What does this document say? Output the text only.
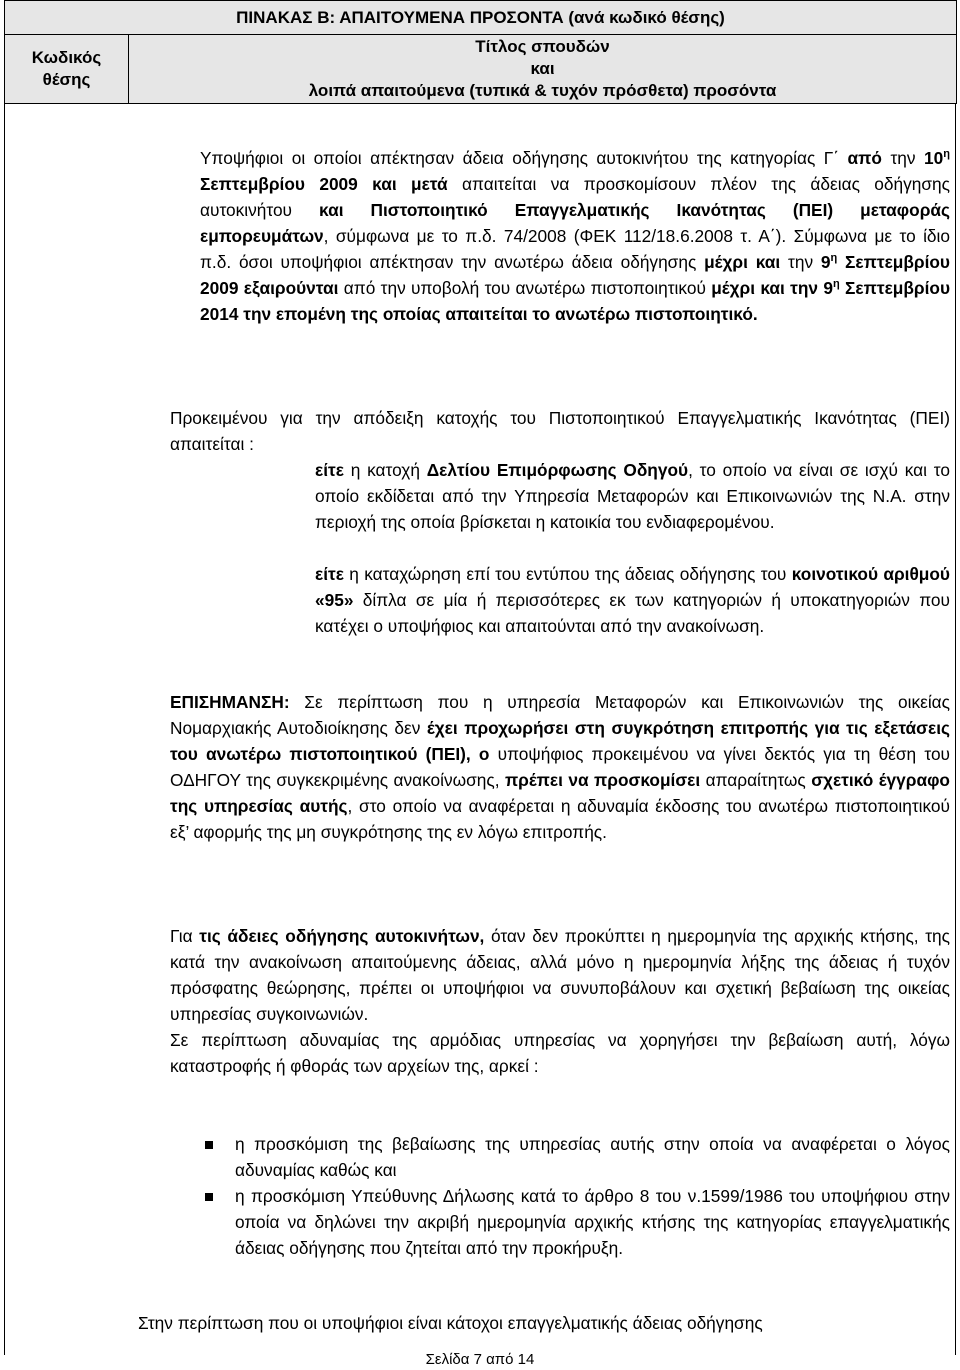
ΠΙΝΑΚΑΣ Β: ΑΠΑΙΤΟΥΜΕΝΑ ΠΡΟΣΟΝΤΑ (ανά κωδικό θέσης)
Κωδικός
θέσης
Τίτλος σπουδών
και
λοιπά απαιτούμενα (τυπικά & τυχόν πρόσθετα) προσόντα
Υποψήφιοι οι οποίοι απέκτησαν άδεια οδήγησης αυτοκινήτου της κατηγορίας Γ΄ από την $10^\eta$ Σεπτεμβρίου 2009 και μετά απαιτείται να προσκομίσουν πλέον της άδειας οδήγησης αυτοκινήτου και Πιστοποιητικό Επαγγελματικής Ικανότητας (ΠΕΙ) μεταφοράς εμπορευμάτων, σύμφωνα με το π.δ. 74/2008 (ΦΕΚ 112/18.6.2008 τ. Α΄). Σύμφωνα με το ίδιο π.δ. όσοι υποψήφιοι απέκτησαν την ανωτέρω άδεια οδήγησης μέχρι και την $9^\eta$ Σεπτεμβρίου 2009 εξαιρούνται από την υποβολή του ανωτέρω πιστοποιητικού μέχρι και την $9^\eta$ Σεπτεμβρίου 2014 την επομένη της οποίας απαιτείται το ανωτέρω πιστοποιητικό.
Προκειμένου για την απόδειξη κατοχής του Πιστοποιητικού Επαγγελματικής Ικανότητας (ΠΕΙ) απαιτείται :
είτε η κατοχή Δελτίου Επιμόρφωσης Οδηγού, το οποίο να είναι σε ισχύ και το οποίο εκδίδεται από την Υπηρεσία Μεταφορών και Επικοινωνιών της Ν.Α. στην περιοχή της οποία βρίσκεται η κατοικία του ενδιαφερομένου.
είτε η καταχώρηση επί του εντύπου της άδειας οδήγησης του κοινοτικού αριθμού «95» δίπλα σε μία ή περισσότερες εκ των κατηγοριών ή υποκατηγοριών που κατέχει ο υποψήφιος και απαιτούνται από την ανακοίνωση.
ΕΠΙΣΗΜΑΝΣΗ: Σε περίπτωση που η υπηρεσία Μεταφορών και Επικοινωνιών της οικείας Νομαρχιακής Αυτοδιοίκησης δεν έχει προχωρήσει στη συγκρότηση επιτροπής για τις εξετάσεις του ανωτέρω πιστοποιητικού (ΠΕΙ), ο υποψήφιος προκειμένου να γίνει δεκτός για τη θέση του ΟΔΗΓΟΥ της συγκεκριμένης ανακοίνωσης, πρέπει να προσκομίσει απαραίτητως σχετικό έγγραφο της υπηρεσίας αυτής, στο οποίο να αναφέρεται η αδυναμία έκδοσης του ανωτέρω πιστοποιητικού εξ’ αφορμής της μη συγκρότησης της εν λόγω επιτροπής.
Για τις άδειες οδήγησης αυτοκινήτων, όταν δεν προκύπτει η ημερομηνία της αρχικής κτήσης, της κατά την ανακοίνωση απαιτούμενης άδειας, αλλά μόνο η ημερομηνία λήξης της άδειας ή τυχόν πρόσφατης θεώρησης, πρέπει οι υποψήφιοι να συνυποβάλουν και σχετική βεβαίωση της οικείας υπηρεσίας συγκοινωνιών.
Σε περίπτωση αδυναμίας της αρμόδιας υπηρεσίας να χορηγήσει την βεβαίωση αυτή, λόγω καταστροφής ή φθοράς των αρχείων της, αρκεί :
η προσκόμιση της βεβαίωσης της υπηρεσίας αυτής στην οποία να αναφέρεται ο λόγος αδυναμίας καθώς και
η προσκόμιση Υπεύθυνης Δήλωσης κατά το άρθρο 8 του ν.1599/1986 του υποψήφιου στην οποία να δηλώνει την ακριβή ημερομηνία αρχικής κτήσης της κατηγορίας επαγγελματικής άδειας οδήγησης που ζητείται από την προκήρυξη.
Στην περίπτωση που οι υποψήφιοι είναι κάτοχοι επαγγελματικής άδειας οδήγησης
Σελίδα 7 από 14
